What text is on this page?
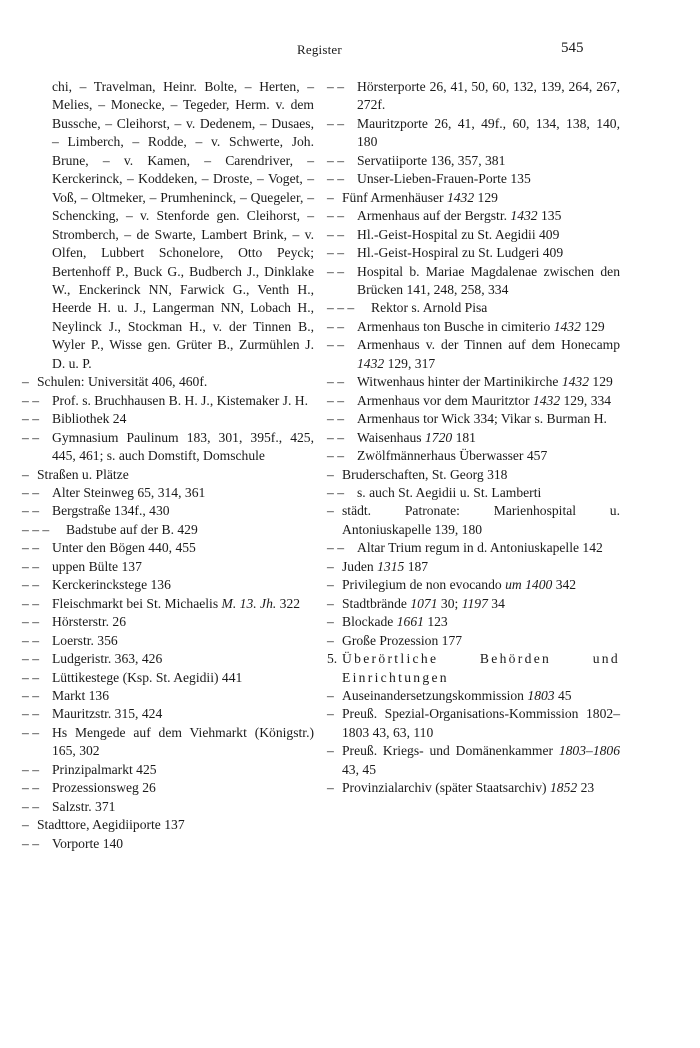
Register	545
chi, – Travelman, Heinr. Bolte, – Herten, – Melies, – Monecke, – Tegeder, Herm. v. dem Bussche, – Cleihorst, – v. Dedenem, – Dusaes, – Limberch, – Rodde, – v. Schwerte, Joh. Brune, – v. Kamen, – Carendriver, – Kerckerinck, – Koddeken, – Droste, – Voget, – Voß, – Oltmeker, – Prumheninck, – Quegeler, – Schencking, – v. Stenforde gen. Cleihorst, – Stromberch, – de Swarte, Lambert Brink, – v. Olfen, Lubbert Schonelore, Otto Peyck; Bertenhoff P., Buck G., Budberch J., Dinklake W., Enckerinck NN, Farwick G., Venth H., Heerde H. u. J., Langerman NN, Lobach H., Neylinck J., Stockman H., v. der Tinnen B., Wyler P., Wisse gen. Grüter B., Zurmühlen J. D. u. P.
– Schulen: Universität 406, 460f.
– – Prof. s. Bruchhausen B. H. J., Kistemaker J. H.
– – Bibliothek 24
– – Gymnasium Paulinum 183, 301, 395f., 425, 445, 461; s. auch Domstift, Domschule
– Straßen u. Plätze
– – Alter Steinweg 65, 314, 361
– – Bergstraße 134f., 430
– – – Badstube auf der B. 429
– – Unter den Bögen 440, 455
– – uppen Bülte 137
– – Kerckerinckstege 136
– – Fleischmarkt bei St. Michaelis M. 13. Jh. 322
– – Hörsterstr. 26
– – Loerstr. 356
– – Ludgeristr. 363, 426
– – Lüttikestege (Ksp. St. Aegidii) 441
– – Markt 136
– – Mauritzstr. 315, 424
– – Hs Mengede auf dem Viehmarkt (Königstr.) 165, 302
– – Prinzipalmarkt 425
– – Prozessionsweg 26
– – Salzstr. 371
– Stadttore, Aegidiiporte 137
– – Vorporte 140
– – Hörsterporte 26, 41, 50, 60, 132, 139, 264, 267, 272f.
– – Mauritzporte 26, 41, 49f., 60, 134, 138, 140, 180
– – Servatiiporte 136, 357, 381
– – Unser-Lieben-Frauen-Porte 135
– Fünf Armenhäuser 1432 129
– – Armenhaus auf der Bergstr. 1432 135
– – Hl.-Geist-Hospital zu St. Aegidii 409
– – Hl.-Geist-Hospiral zu St. Ludgeri 409
– – Hospital b. Mariae Magdalenae zwischen den Brücken 141, 248, 258, 334
– – – Rektor s. Arnold Pisa
– – Armenhaus ton Busche in cimiterio 1432 129
– – Armenhaus v. der Tinnen auf dem Honecamp 1432 129, 317
– – Witwenhaus hinter der Martinikirche 1432 129
– – Armenhaus vor dem Mauritztor 1432 129, 334
– – Armenhaus tor Wick 334; Vikar s. Burman H.
– – Waisenhaus 1720 181
– – Zwölfmännerhaus Überwasser 457
– Bruderschaften, St. Georg 318
– – s. auch St. Aegidii u. St. Lamberti
– städt. Patronate: Marienhospital u. Antoniuskapelle 139, 180
– – Altar Trium regum in d. Antoniuskapelle 142
– Juden 1315 187
– Privilegium de non evocando um 1400 342
– Stadtbrände 1071 30; 1197 34
– Blockade 1661 123
– Große Prozession 177
5. Überörtliche Behörden und Einrichtungen
– Auseinandersetzungskommission 1803 45
– Preuß. Spezial-Organisations-Kommission 1802–1803 43, 63, 110
– Preuß. Kriegs- und Domänenkammer 1803–1806 43, 45
– Provinzialarchiv (später Staatsarchiv) 1852 23
